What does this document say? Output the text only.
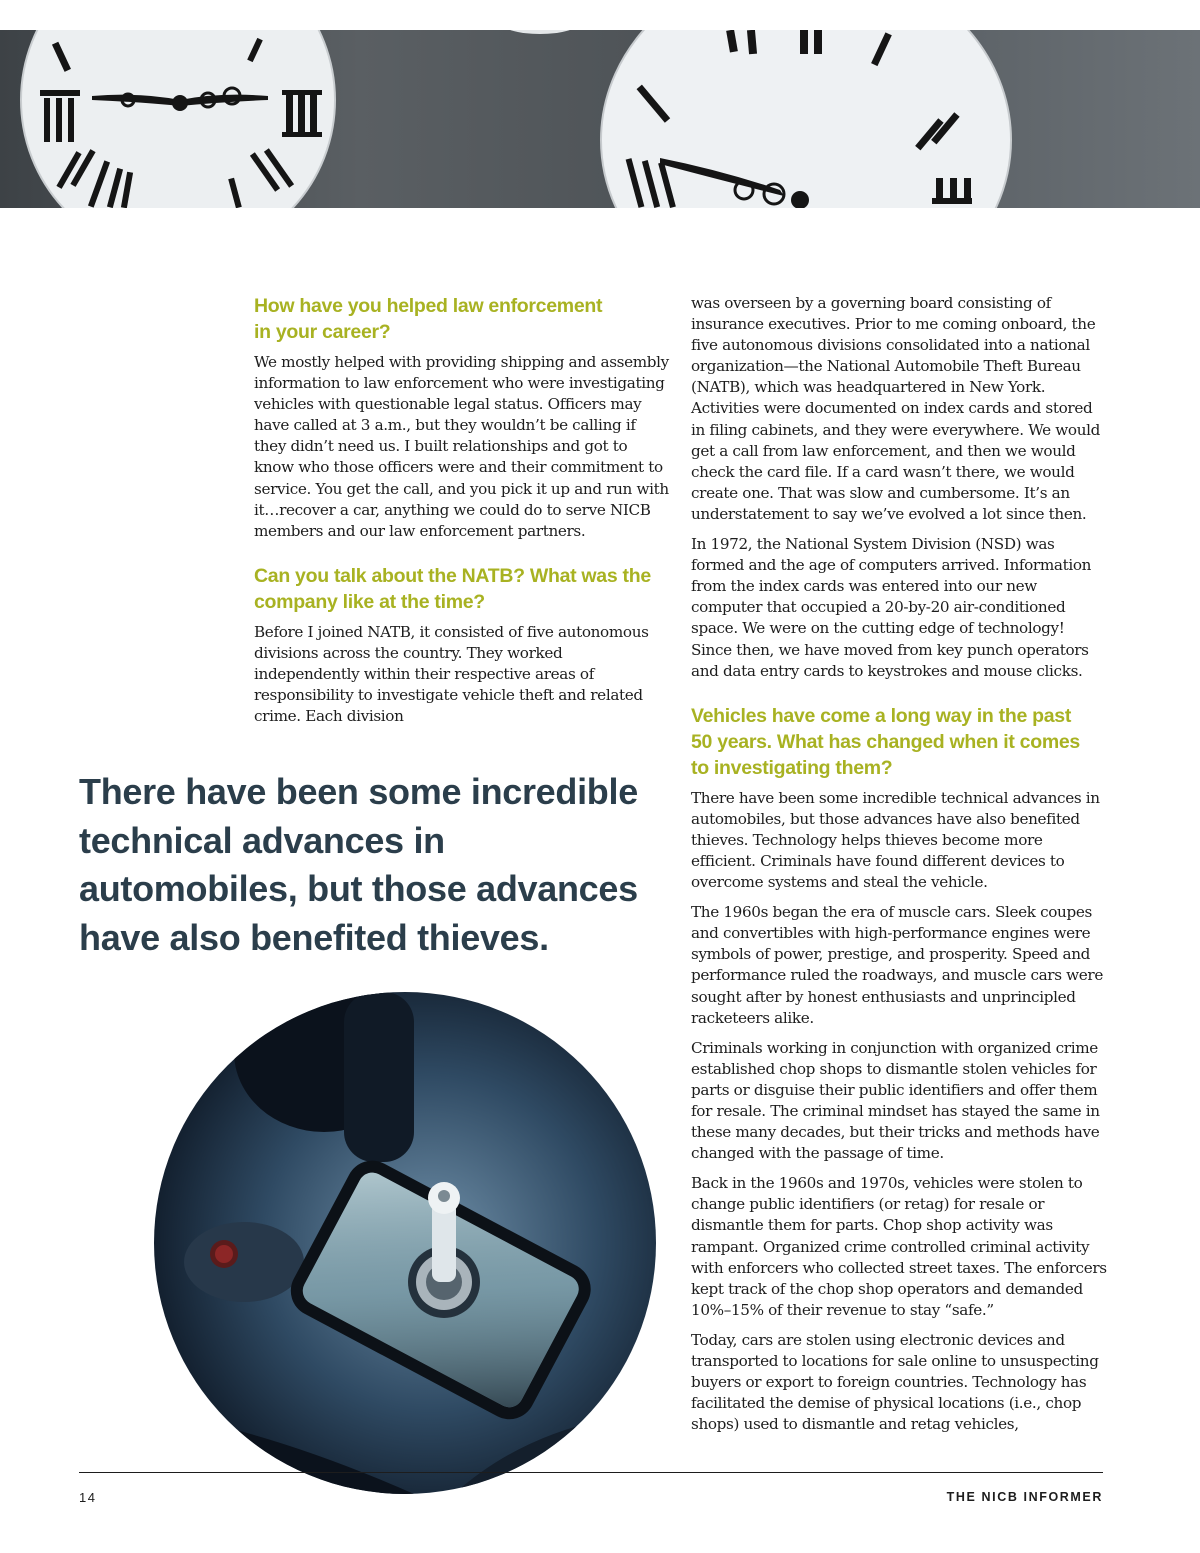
How have you helped law enforcement in your career?

We mostly helped with providing shipping and assembly information to law enforcement who were investigating vehicles with questionable legal status. Officers may have called at 3 a.m., but they wouldn’t be calling if they didn’t need us. I built relationships and got to know who those officers were and their commitment to service. You get the call, and you pick it up and run with it…recover a car, anything we could do to serve NICB members and our law enforcement partners.

Can you talk about the NATB? What was the company like at the time?

Before I joined NATB, it consisted of five autonomous divisions across the country. They worked independently within their respective areas of responsibility to investigate vehicle theft and related crime. Each division

was overseen by a governing board consisting of insurance executives. Prior to me coming onboard, the five autonomous divisions consolidated into a national organization—the National Automobile Theft Bureau (NATB), which was headquartered in New York. Activities were documented on index cards and stored in filing cabinets, and they were everywhere. We would get a call from law enforcement, and then we would check the card file. If a card wasn’t there, we would create one. That was slow and cumbersome. It’s an understatement to say we’ve evolved a lot since then.

In 1972, the National System Division (NSD) was formed and the age of computers arrived. Information from the index cards was entered into our new computer that occupied a 20-by-20 air-conditioned space. We were on the cutting edge of technology! Since then, we have moved from key punch operators and data entry cards to keystrokes and mouse clicks.

Vehicles have come a long way in the past 50 years. What has changed when it comes to investigating them?

There have been some incredible technical advances in automobiles, but those advances have also benefited thieves. Technology helps thieves become more efficient. Criminals have found different devices to overcome systems and steal the vehicle.

The 1960s began the era of muscle cars. Sleek coupes and convertibles with high-performance engines were symbols of power, prestige, and prosperity. Speed and performance ruled the roadways, and muscle cars were sought after by honest enthusiasts and unprincipled racketeers alike.

Criminals working in conjunction with organized crime established chop shops to dismantle stolen vehicles for parts or disguise their public identifiers and offer them for resale. The criminal mindset has stayed the same in these many decades, but their tricks and methods have changed with the passage of time.

Back in the 1960s and 1970s, vehicles were stolen to change public identifiers (or retag) for resale or dismantle them for parts. Chop shop activity was rampant. Organized crime controlled criminal activity with enforcers who collected street taxes. The enforcers kept track of the chop shop operators and demanded 10%–15% of their revenue to stay “safe.”

Today, cars are stolen using electronic devices and transported to locations for sale online to unsuspecting buyers or export to foreign countries. Technology has facilitated the demise of physical locations (i.e., chop shops) used to dismantle and retag vehicles,

There have been some incredible technical advances in automobiles, but those advances have also benefited thieves.
14	THE NICB INFORMER
